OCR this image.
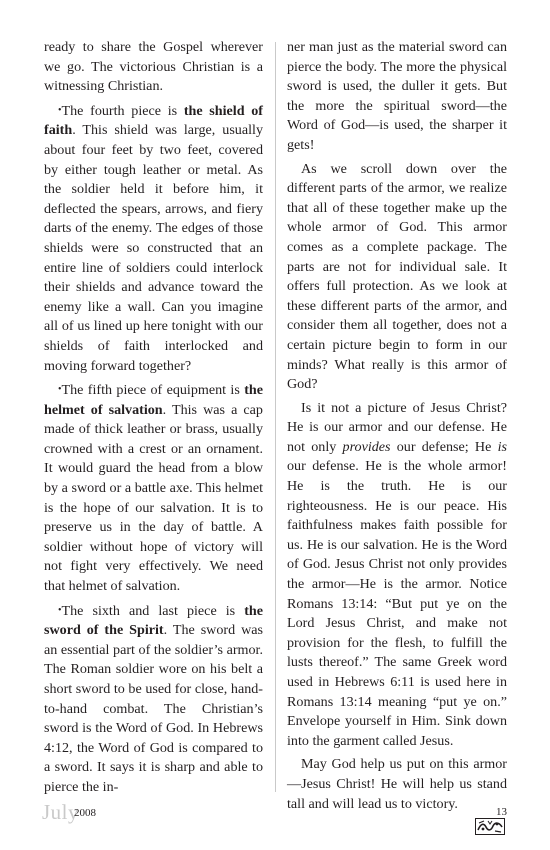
ready to share the Gospel wherever we go. The victorious Christian is a witnessing Christian.

•The fourth piece is the shield of faith. This shield was large, usually about four feet by two feet, covered by either tough leather or metal. As the soldier held it before him, it deflected the spears, arrows, and fiery darts of the enemy. The edges of those shields were so constructed that an entire line of soldiers could interlock their shields and advance toward the enemy like a wall. Can you imagine all of us lined up here tonight with our shields of faith interlocked and moving forward together?

•The fifth piece of equipment is the helmet of salvation. This was a cap made of thick leather or brass, usually crowned with a crest or an ornament. It would guard the head from a blow by a sword or a battle axe. This helmet is the hope of our salvation. It is to preserve us in the day of battle. A soldier without hope of victory will not fight very effectively. We need that helmet of salvation.

•The sixth and last piece is the sword of the Spirit. The sword was an essential part of the soldier’s armor. The Roman soldier wore on his belt a short sword to be used for close, hand-to-hand combat. The Christian’s sword is the Word of God. In Hebrews 4:12, the Word of God is compared to a sword. It says it is sharp and able to pierce the in-

ner man just as the material sword can pierce the body. The more the physical sword is used, the duller it gets. But the more the spiritual sword—the Word of God—is used, the sharper it gets!

As we scroll down over the different parts of the armor, we realize that all of these together make up the whole armor of God. This armor comes as a complete package. The parts are not for individual sale. It offers full protection. As we look at these different parts of the armor, and consider them all together, does not a certain picture begin to form in our minds? What really is this armor of God?

Is it not a picture of Jesus Christ? He is our armor and our defense. He not only provides our defense; He is our defense. He is the whole armor! He is the truth. He is our righteousness. He is our peace. His faithfulness makes faith possible for us. He is our salvation. He is the Word of God. Jesus Christ not only provides the armor—He is the armor. Notice Romans 13:14: “But put ye on the Lord Jesus Christ, and make not provision for the flesh, to fulfill the lusts thereof.” The same Greek word used in Hebrews 6:11 is used here in Romans 13:14 meaning “put ye on.” Envelope yourself in Him. Sink down into the garment called Jesus.

May God help us put on this armor—Jesus Christ! He will help us stand tall and will lead us to victory.

July
2008	13
